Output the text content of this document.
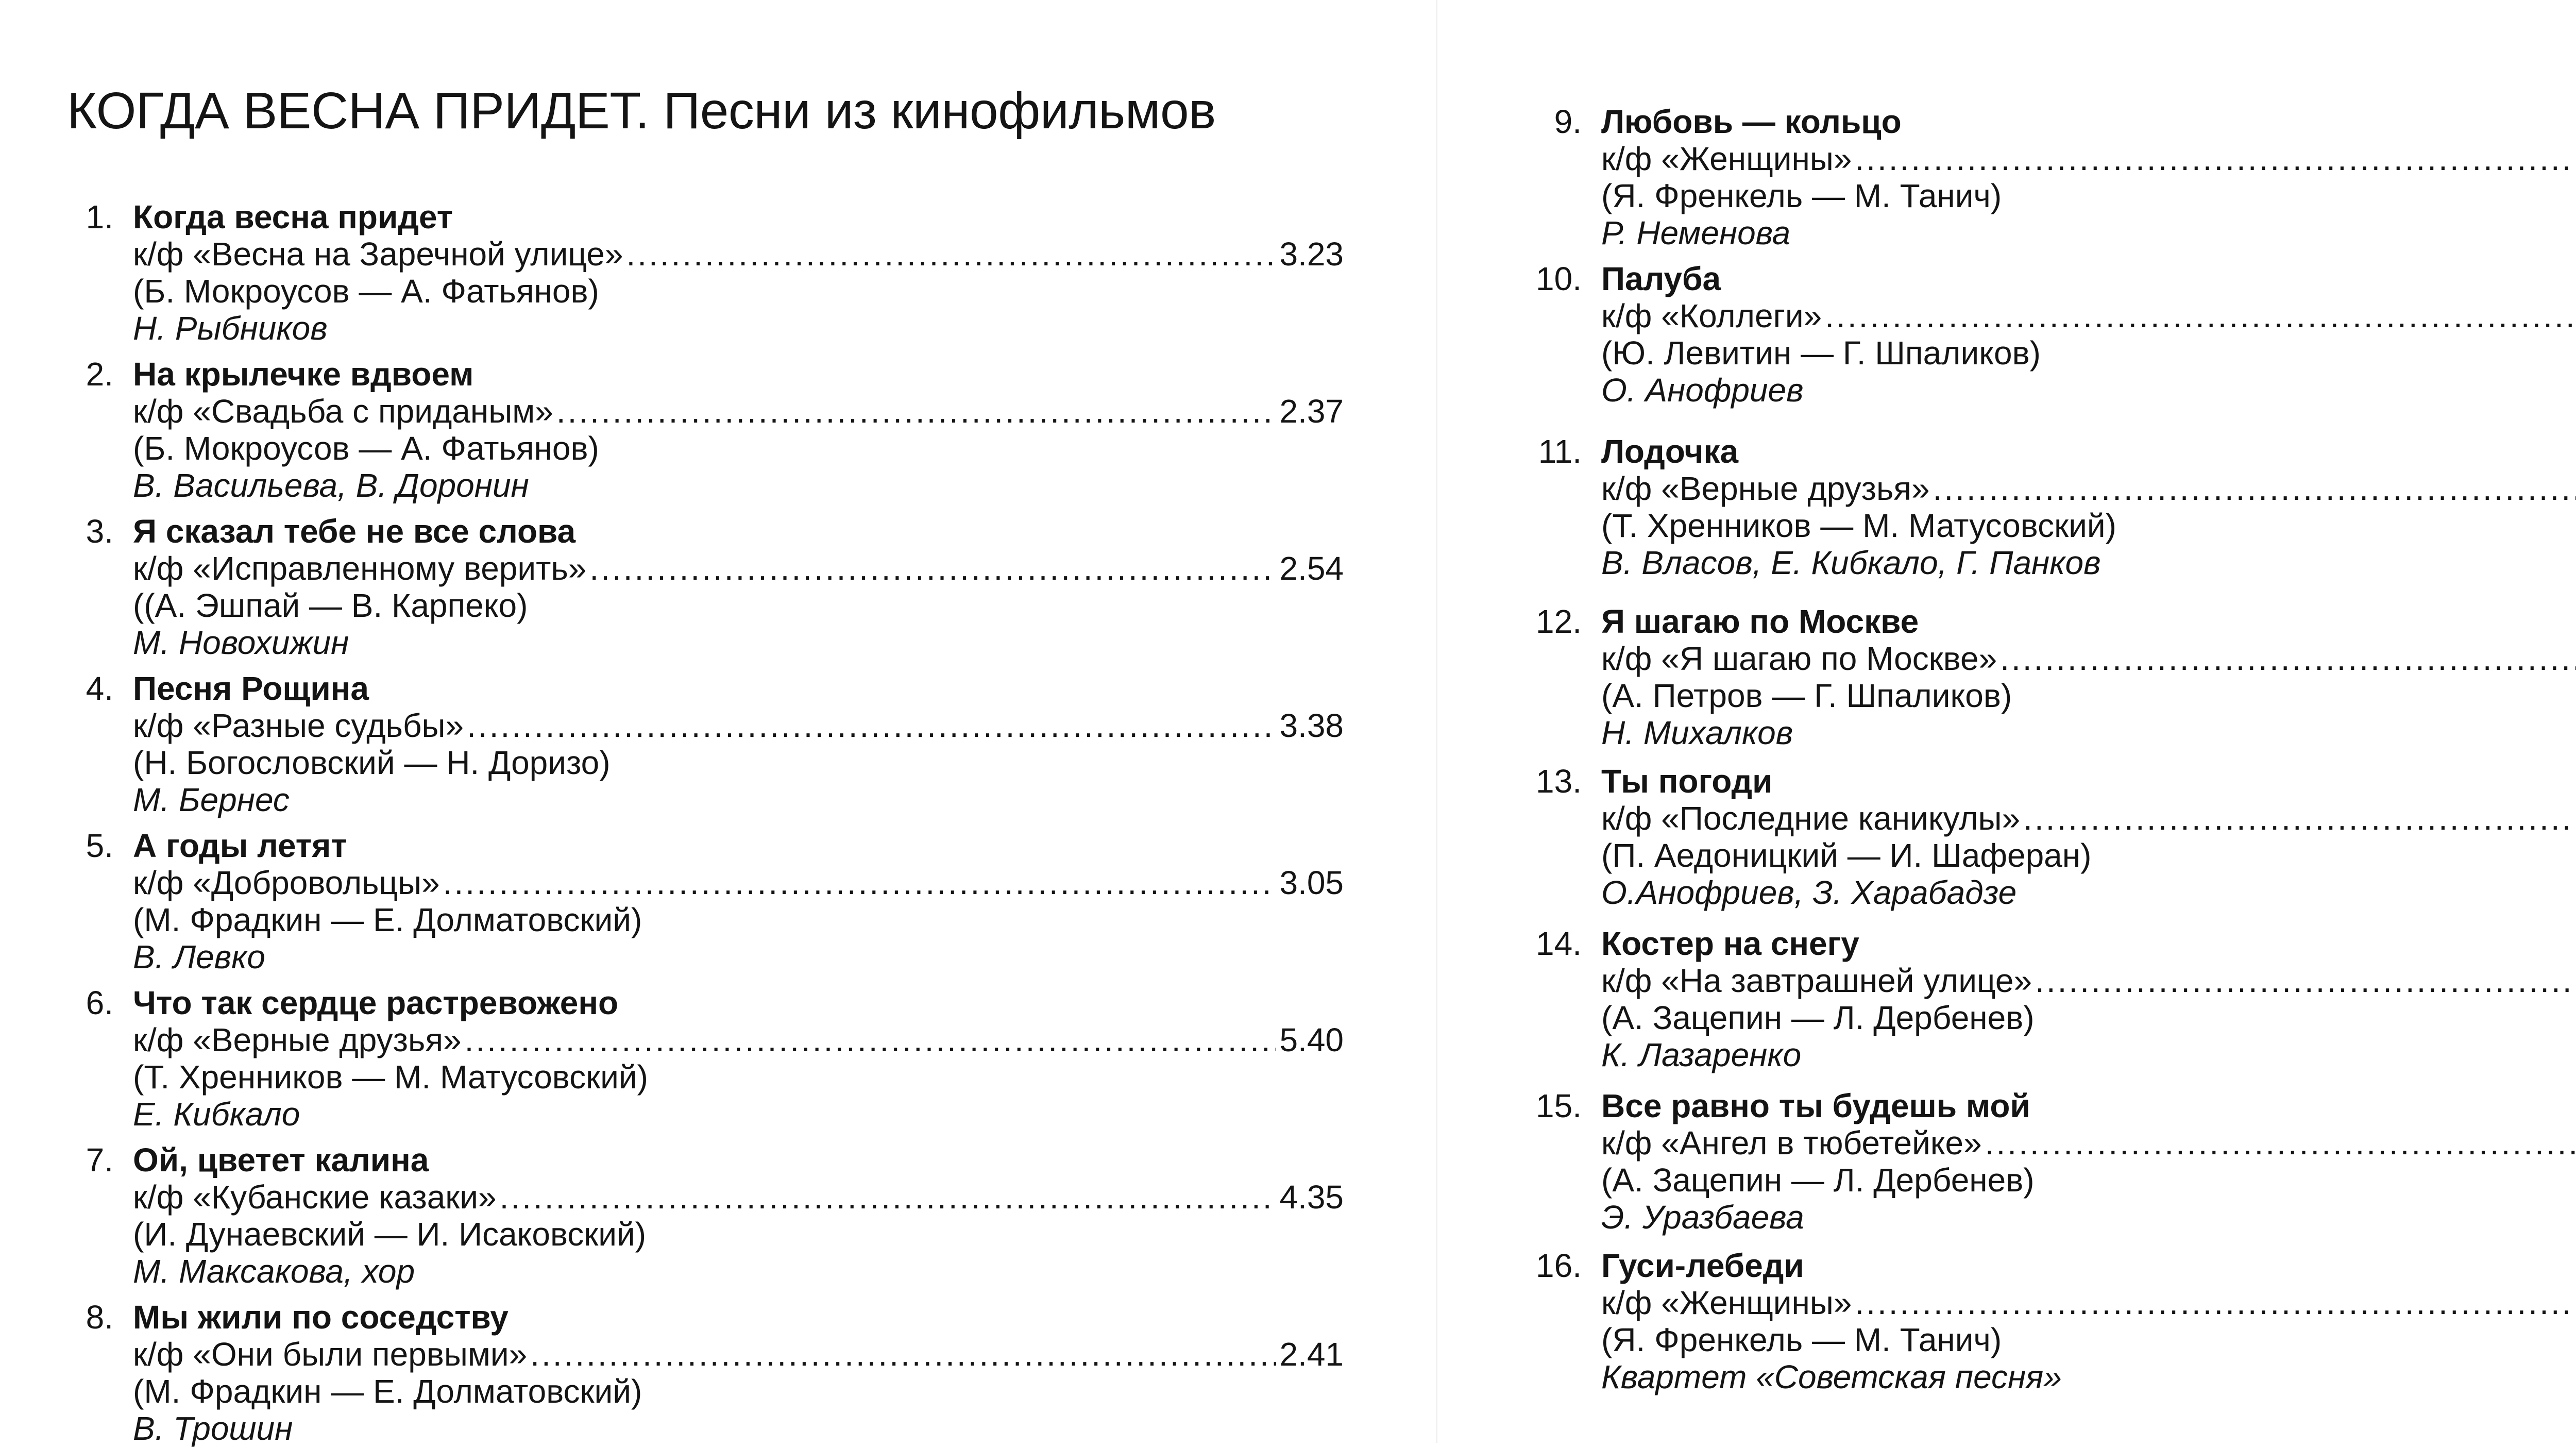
КОГДА ВЕСНА ПРИДЕТ. Песни из кинофильмов
1. Когда весна придет
к/ф «Весна на Заречной улице» .....	3.23
(Б. Мокроусов — А. Фатьянов)
Н. Рыбников
2. На крылечке вдвоем
к/ф «Свадьба с приданым» .....	2.37
(Б. Мокроусов — А. Фатьянов)
В. Васильева, В. Доронин
3. Я сказал тебе не все слова
к/ф «Исправленному верить» .....	2.54
((А. Эшпай — В. Карпеко)
М. Новохижин
4. Песня Рощина
к/ф «Разные судьбы» .....	3.38
(Н. Богословский — Н. Доризо)
М. Бернес
5. А годы летят
к/ф «Добровольцы» .....	3.05
(М. Фрадкин — Е. Долматовский)
В. Левко
6. Что так сердце растревожено
к/ф «Верные друзья» .....	5.40
(Т. Хренников — М. Матусовский)
Е. Кибкало
7. Ой, цветет калина
к/ф «Кубанские казаки» .....	4.35
(И. Дунаевский — И. Исаковский)
М. Максакова, хор
8. Мы жили по соседству
к/ф «Они были первыми» .....	2.41
(М. Фрадкин — Е. Долматовский)
В. Трошин
9. Любовь — кольцо
к/ф «Женщины»
.....
(Я. Френкель — М. Танич)
Р. Неменова
10. Палуба
к/ф «Коллеги»
.....
(Ю. Левитин — Г. Шпаликов)
О. Анофриев
11. Лодочка
к/ф «Верные друзья»
.....
(Т. Хренников — М. Матусовский)
В. Власов, Е. Кибкало, Г. Панков
12. Я шагаю по Москве
к/ф «Я шагаю по Москве»
.....
(А. Петров — Г. Шпаликов)
Н. Михалков
13. Ты погоди
к/ф «Последние каникулы»
.....
(П. Аедоницкий — И. Шаферан)
О.Анофриев, З. Харабадзе
14. Костер на снегу
к/ф «На завтрашней улице»
.....
(А. Зацепин — Л. Дербенев)
К. Лазаренко
15. Все равно ты будешь мой
к/ф «Ангел в тюбетейке»
.....
(А. Зацепин — Л. Дербенев)
Э. Уразбаева
16. Гуси-лебеди
к/ф «Женщины»
.....
(Я. Френкель — М. Танич)
Квартет «Советская песня»
